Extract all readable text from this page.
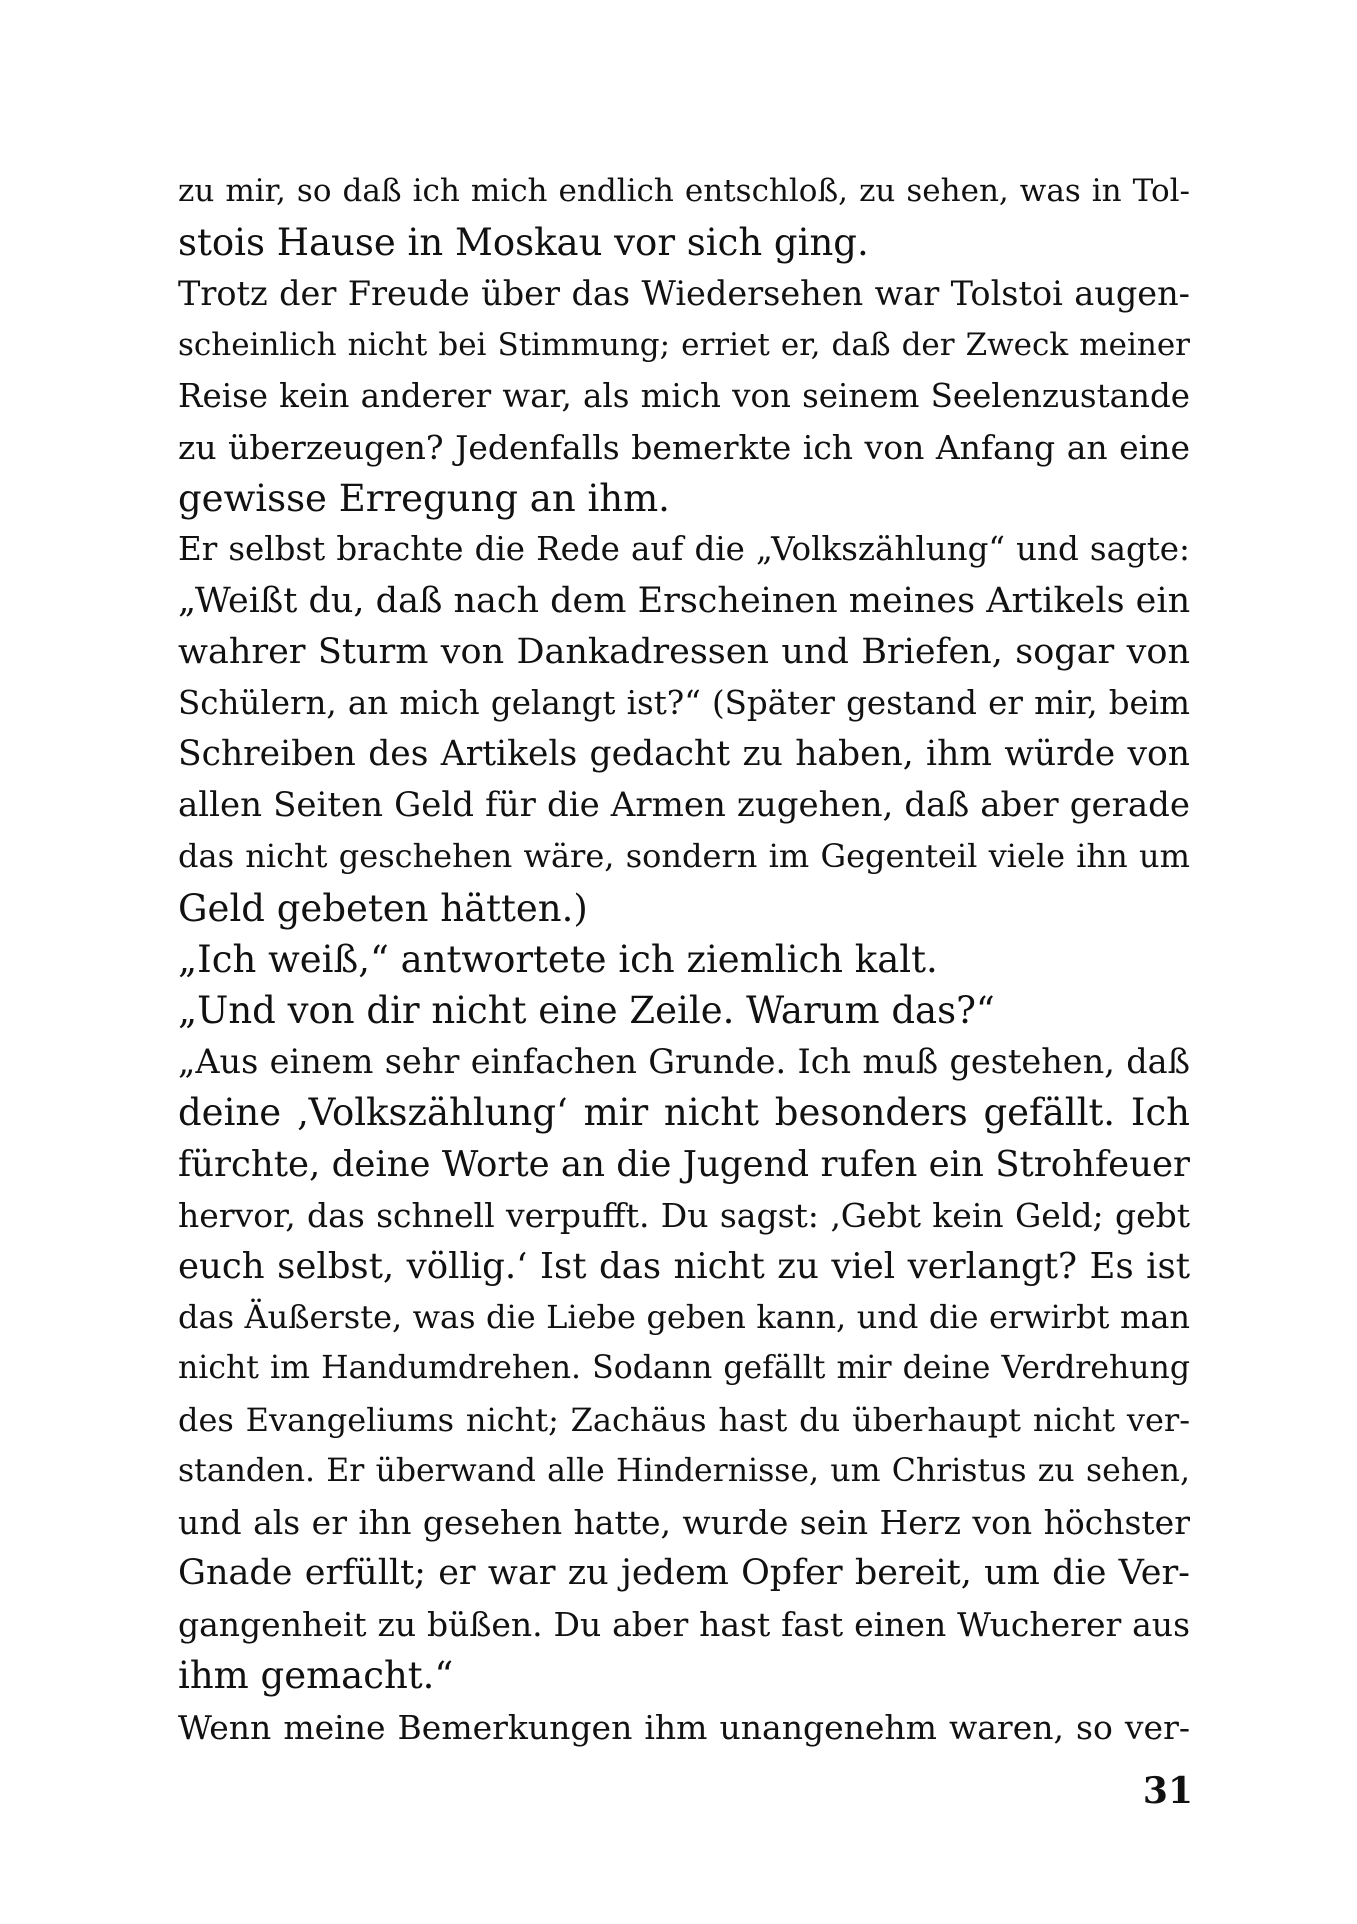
zu mir, so daß ich mich endlich entschloß, zu sehen, was in Tol-
stois Hause in Moskau vor sich ging.
Trotz der Freude über das Wiedersehen war Tolstoi augen-
scheinlich nicht bei Stimmung; erriet er, daß der Zweck meiner
Reise kein anderer war, als mich von seinem Seelenzustande
zu überzeugen? Jedenfalls bemerkte ich von Anfang an eine
gewisse Erregung an ihm.
Er selbst brachte die Rede auf die „Volkszählung“ und sagte:
„Weißt du, daß nach dem Erscheinen meines Artikels ein
wahrer Sturm von Dankadressen und Briefen, sogar von
Schülern, an mich gelangt ist?“ (Später gestand er mir, beim
Schreiben des Artikels gedacht zu haben, ihm würde von
allen Seiten Geld für die Armen zugehen, daß aber gerade
das nicht geschehen wäre, sondern im Gegenteil viele ihn um
Geld gebeten hätten.)
„Ich weiß,“ antwortete ich ziemlich kalt.
„Und von dir nicht eine Zeile. Warum das?“
„Aus einem sehr einfachen Grunde. Ich muß gestehen, daß
deine ‚Volkszählung‘ mir nicht besonders gefällt. Ich
fürchte, deine Worte an die Jugend rufen ein Strohfeuer
hervor, das schnell verpufft. Du sagst: ‚Gebt kein Geld; gebt
euch selbst, völlig.‘ Ist das nicht zu viel verlangt? Es ist
das Äußerste, was die Liebe geben kann, und die erwirbt man
nicht im Handumdrehen. Sodann gefällt mir deine Verdrehung
des Evangeliums nicht; Zachäus hast du überhaupt nicht ver-
standen. Er überwand alle Hindernisse, um Christus zu sehen,
und als er ihn gesehen hatte, wurde sein Herz von höchster
Gnade erfüllt; er war zu jedem Opfer bereit, um die Ver-
gangenheit zu büßen. Du aber hast fast einen Wucherer aus
ihm gemacht.“
Wenn meine Bemerkungen ihm unangenehm waren, so ver-
31
